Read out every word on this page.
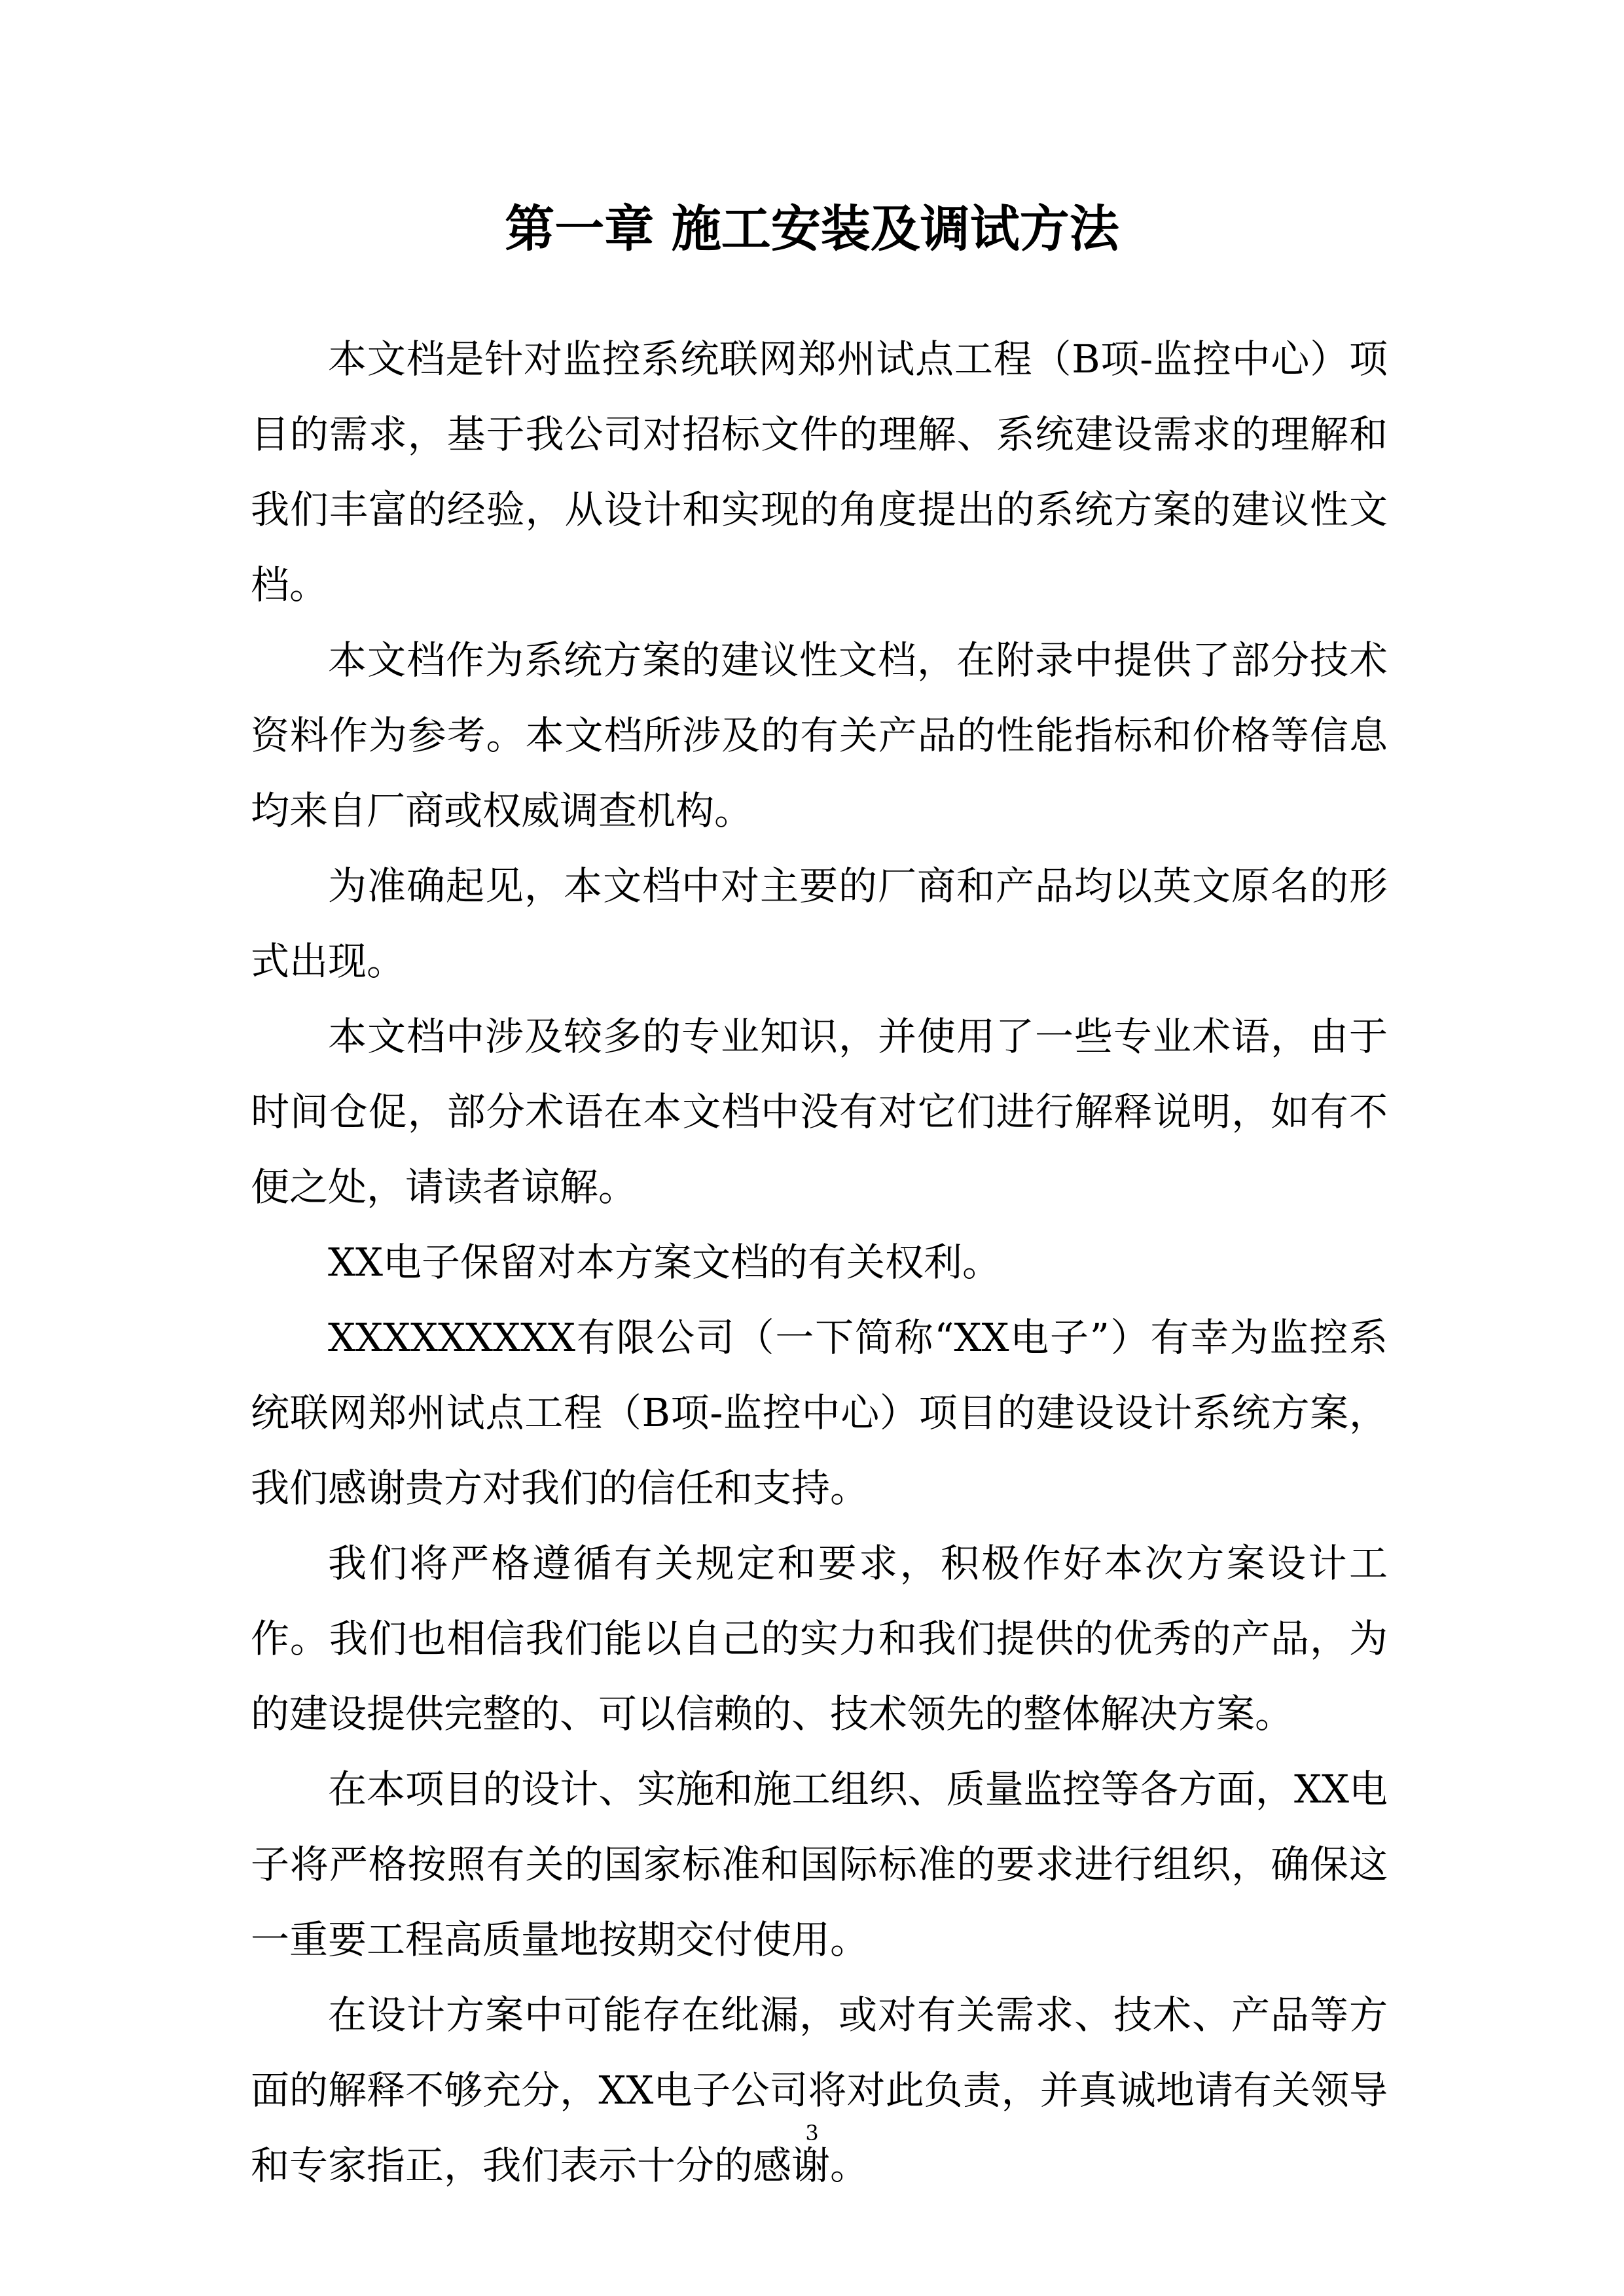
第一章 施工安装及调试方法

本文档是针对监控系统联网郑州试点工程（B项-监控中心）项目的需求，基于我公司对招标文件的理解、系统建设需求的理解和我们丰富的经验，从设计和实现的角度提出的系统方案的建议性文档。

本文档作为系统方案的建议性文档，在附录中提供了部分技术资料作为参考。本文档所涉及的有关产品的性能指标和价格等信息均来自厂商或权威调查机构。

为准确起见，本文档中对主要的厂商和产品均以英文原名的形式出现。

本文档中涉及较多的专业知识，并使用了一些专业术语，由于时间仓促，部分术语在本文档中没有对它们进行解释说明，如有不便之处，请读者谅解。

XX电子保留对本方案文档的有关权利。

XXXXXXXXX有限公司（一下简称“XX电子”）有幸为监控系统联网郑州试点工程（B项-监控中心）项目的建设设计系统方案，我们感谢贵方对我们的信任和支持。

我们将严格遵循有关规定和要求，积极作好本次方案设计工作。我们也相信我们能以自己的实力和我们提供的优秀的产品，为的建设提供完整的、可以信赖的、技术领先的整体解决方案。

在本项目的设计、实施和施工组织、质量监控等各方面，XX电子将严格按照有关的国家标准和国际标准的要求进行组织，确保这一重要工程高质量地按期交付使用。

在设计方案中可能存在纰漏，或对有关需求、技术、产品等方面的解释不够充分，XX电子公司将对此负责，并真诚地请有关领导和专家指正，我们表示十分的感谢。

3
